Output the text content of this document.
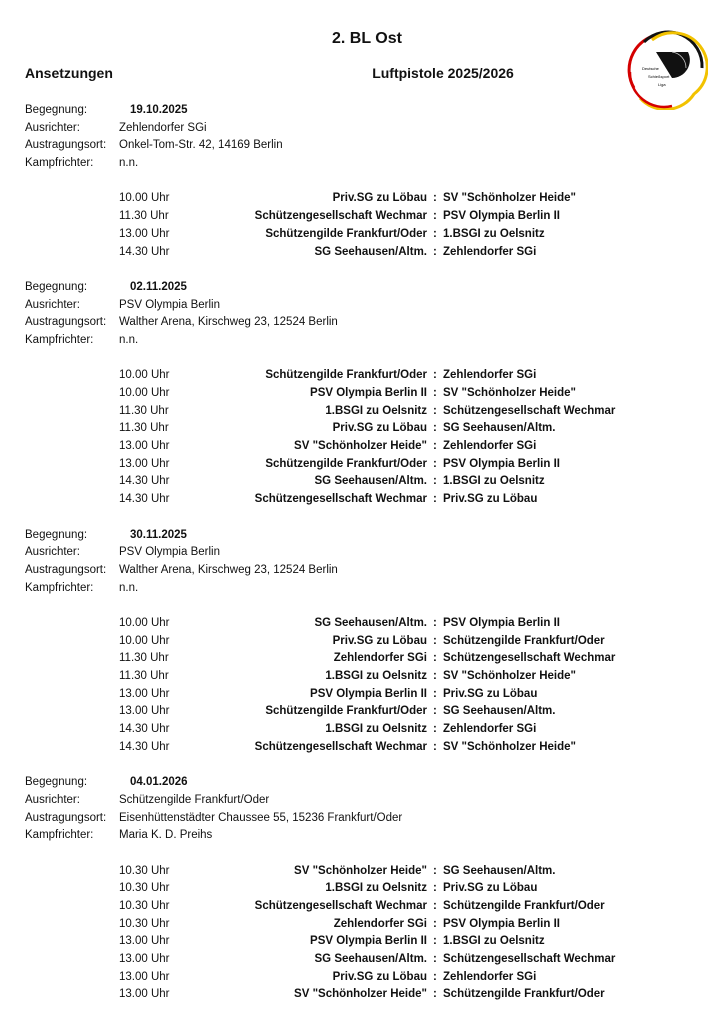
2. BL Ost
Ansetzungen	Luftpistole 2025/2026	Deutsche
Schießsport
Liga
Begegnung:	19.10.2025
Ausrichter:	Zehlendorfer SGi
Austragungsort: Onkel-Tom-Str. 42, 14169 Berlin
Kampfrichter: n.n.
10.00 Uhr	Priv.SG zu Löbau : SV "Schönholzer Heide"
11.30 Uhr	Schützengesellschaft Wechmar : PSV Olympia Berlin II
13.00 Uhr	Schützengilde Frankfurt/Oder : 1.BSGI zu Oelsnitz
14.30 Uhr	SG Seehausen/Altm. : Zehlendorfer SGi
Begegnung:	02.11.2025
Ausrichter:	PSV Olympia Berlin
Austragungsort: Walther Arena, Kirschweg 23, 12524 Berlin
Kampfrichter: n.n.
10.00 Uhr	Schützengilde Frankfurt/Oder : Zehlendorfer SGi
10.00 Uhr	PSV Olympia Berlin II : SV "Schönholzer Heide"
11.30 Uhr	1.BSGI zu Oelsnitz : Schützengesellschaft Wechmar
11.30 Uhr	Priv.SG zu Löbau : SG Seehausen/Altm.
13.00 Uhr	SV "Schönholzer Heide" : Zehlendorfer SGi
13.00 Uhr	Schützengilde Frankfurt/Oder : PSV Olympia Berlin II
14.30 Uhr	SG Seehausen/Altm. : 1.BSGI zu Oelsnitz
14.30 Uhr	Schützengesellschaft Wechmar : Priv.SG zu Löbau
Begegnung:	30.11.2025
Ausrichter:	PSV Olympia Berlin
Austragungsort: Walther Arena, Kirschweg 23, 12524 Berlin
Kampfrichter: n.n.
10.00 Uhr	SG Seehausen/Altm. : PSV Olympia Berlin II
10.00 Uhr	Priv.SG zu Löbau : Schützengilde Frankfurt/Oder
11.30 Uhr	Zehlendorfer SGi : Schützengesellschaft Wechmar
11.30 Uhr	1.BSGI zu Oelsnitz : SV "Schönholzer Heide"
13.00 Uhr	PSV Olympia Berlin II : Priv.SG zu Löbau
13.00 Uhr	Schützengilde Frankfurt/Oder : SG Seehausen/Altm.
14.30 Uhr	1.BSGI zu Oelsnitz : Zehlendorfer SGi
14.30 Uhr	Schützengesellschaft Wechmar : SV "Schönholzer Heide"
Begegnung:	04.01.2026
Ausrichter:	Schützengilde Frankfurt/Oder
Austragungsort: Eisenhüttenstädter Chaussee 55, 15236 Frankfurt/Oder
Kampfrichter: Maria K. D. Preihs
10.30 Uhr	SV "Schönholzer Heide" : SG Seehausen/Altm.
10.30 Uhr	1.BSGI zu Oelsnitz : Priv.SG zu Löbau
10.30 Uhr	Schützengesellschaft Wechmar : Schützengilde Frankfurt/Oder
10.30 Uhr	Zehlendorfer SGi : PSV Olympia Berlin II
13.00 Uhr	PSV Olympia Berlin II : 1.BSGI zu Oelsnitz
13.00 Uhr	SG Seehausen/Altm. : Schützengesellschaft Wechmar
13.00 Uhr	Priv.SG zu Löbau : Zehlendorfer SGi
13.00 Uhr	SV "Schönholzer Heide" : Schützengilde Frankfurt/Oder
